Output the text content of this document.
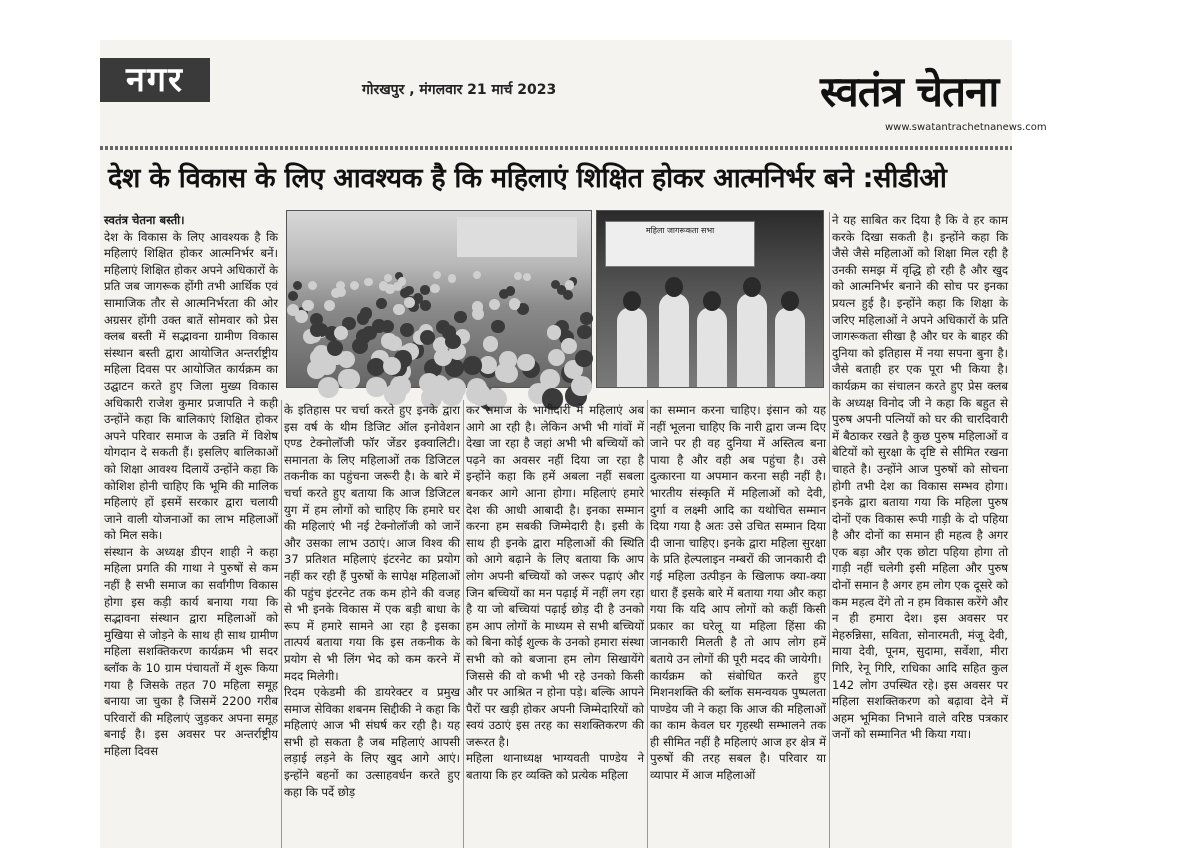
नगर	गोरखपुर , मंगलवार 21 मार्च 2023	स्वतंत्र चेतना
www.swatantrachetnanews.com
देश के विकास के लिए आवश्यक है कि महिलाएं शिक्षित होकर आत्मनिर्भर बने :सीडीओ
महिला जागरूकता सभा

स्वतंत्र चेतना बस्ती।

देश के विकास के लिए आवश्यक है कि महिलाएं शिक्षित होकर आत्मनिर्भर बनें। महिलाएं शिक्षित होकर अपने अधिकारों के प्रति जब जागरूक होंगी तभी आर्थिक एवं सामाजिक तौर से आत्मनिर्भरता की ओर अग्रसर होंगी उक्त बातें सोमवार को प्रेस क्लब बस्ती में सद्भावना ग्रामीण विकास संस्थान बस्ती द्वारा आयोजित अन्तर्राष्ट्रीय महिला दिवस पर आयोजित कार्यक्रम का उद्घाटन करते हुए जिला मुख्य विकास अधिकारी राजेश कुमार प्रजापति ने कही उन्होंने कहा कि बालिकाएं शिक्षित होकर अपने परिवार समाज के उन्नति में विशेष योगदान दे सकती हैं। इसलिए बालिकाओं को शिक्षा आवश्य दिलायें उन्होंने कहा कि कोशिश होनी चाहिए कि भूमि की मालिक महिलाएं हों इसमें सरकार द्वारा चलायी जाने वाली योजनाओं का लाभ महिलाओं को मिल सके।

संस्थान के अध्यक्ष डीएन शाही ने कहा महिला प्रगति की गाथा ने पुरुषों से कम नहीं है सभी समाज का सर्वांगीण विकास होगा इस कड़ी कार्य बनाया गया कि सद्भावना संस्थान द्वारा महिलाओं को मुखिया से जोड़ने के साथ ही साथ ग्रामीण महिला सशक्तिकरण कार्यक्रम भी सदर ब्लॉक के 10 ग्राम पंचायतों में शुरू किया गया है जिसके तहत 70 महिला समूह बनाया जा चुका है जिसमें 2200 गरीब परिवारों की महिलाएं जुड़कर अपना समूह बनाई है। इस अवसर पर अन्तर्राष्ट्रीय महिला दिवस

के इतिहास पर चर्चा करते हुए इनके द्वारा इस वर्ष के थीम डिजिट ऑल इनोवेशन एण्ड टेक्नोलॉजी फॉर जेंडर इक्वालिटी। समानता के लिए महिलाओं तक डिजिटल तकनीक का पहुंचना जरूरी है। के बारे में चर्चा करते हुए बताया कि आज डिजिटल युग में हम लोगों को चाहिए कि हमारे घर की महिलाएं भी नई टेक्नोलॉजी को जानें और उसका लाभ उठाएं। आज विश्व की 37 प्रतिशत महिलाएं इंटरनेट का प्रयोग नहीं कर रही हैं पुरुषों के सापेक्ष महिलाओं की पहुंच इंटरनेट तक कम होने की वजह से भी इनके विकास में एक बड़ी बाधा के रूप में हमारे सामने आ रहा है इसका तात्पर्य बताया गया कि इस तकनीक के प्रयोग से भी लिंग भेद को कम करने में मदद मिलेगी।

रिदम एकेडमी की डायरेक्टर व प्रमुख समाज सेविका शबनम सिद्दीकी ने कहा कि महिलाएं आज भी संघर्ष कर रही है। यह सभी हो सकता है जब महिलाएं आपसी लड़ाई लड़ने के लिए खुद आगे आएं। इन्होंने बहनों का उत्साहवर्धन करते हुए कहा कि पर्दे छोड़

कर समाज के भागीदारी में महिलाएं अब आगे आ रही है। लेकिन अभी भी गांवों में देखा जा रहा है जहां अभी भी बच्चियों को पढ़ने का अवसर नहीं दिया जा रहा है इन्होंने कहा कि हमें अबला नहीं सबला बनकर आगे आना होगा। महिलाएं हमारे देश की आधी आबादी है। इनका सम्मान करना हम सबकी जिम्मेदारी है। इसी के साथ ही इनके द्वारा महिलाओं की स्थिति को आगे बढ़ाने के लिए बताया कि आप लोग अपनी बच्चियों को जरूर पढ़ाएं और जिन बच्चियों का मन पढ़ाई में नहीं लग रहा है या जो बच्चियां पढ़ाई छोड़ दी है उनको हम आप लोगों के माध्यम से सभी बच्चियों को बिना कोई शुल्क के उनको हमारा संस्था सभी को को बजाना हम लोग सिखायेंगे जिससे की वो कभी भी रहे उनको किसी और पर आश्रित न होना पड़े। बल्कि आपने पैरों पर खड़ी होकर अपनी जिम्मेदारियों को स्वयं उठाएं इस तरह का सशक्तिकरण की जरूरत है।

महिला थानाध्यक्ष भाग्यवती पाण्डेय ने बताया कि हर व्यक्ति को प्रत्येक महिला

का सम्मान करना चाहिए। इंसान को यह नहीं भूलना चाहिए कि नारी द्वारा जन्म दिए जाने पर ही वह दुनिया में अस्तित्व बना पाया है और वही अब पहुंचा है। उसे दुत्कारना या अपमान करना सही नहीं है। भारतीय संस्कृति में महिलाओं को देवी, दुर्गा व लक्ष्मी आदि का यथोचित सम्मान दिया गया है अतः उसे उचित सम्मान दिया दी जाना चाहिए। इनके द्वारा महिला सुरक्षा के प्रति हेल्पलाइन नम्बरों की जानकारी दी गई महिला उत्पीड़न के खिलाफ क्या-क्या धारा हैं इसके बारे में बताया गया और कहा गया कि यदि आप लोगों को कहीं किसी प्रकार का घरेलू या महिला हिंसा की जानकारी मिलती है तो आप लोग हमें बताये उन लोगों की पूरी मदद की जायेगी।

कार्यक्रम को संबोधित करते हुए मिशनशक्ति की ब्लॉक समन्वयक पुष्पलता पाण्डेय जी ने कहा कि आज की महिलाओं का काम केवल घर गृहस्थी सम्भालने तक ही सीमित नहीं है महिलाएं आज हर क्षेत्र में पुरुषों की तरह सबल है। परिवार या व्यापार में आज महिलाओं

ने यह साबित कर दिया है कि वे हर काम करके दिखा सकती है। इन्होंने कहा कि जैसे जैसे महिलाओं को शिक्षा मिल रही है उनकी समझ में वृद्धि हो रही है और खुद को आत्मनिर्भर बनाने की सोच पर इनका प्रयत्न हुई है। इन्होंने कहा कि शिक्षा के जरिए महिलाओं ने अपने अधिकारों के प्रति जागरूकता सीखा है और घर के बाहर की दुनिया को इतिहास में नया सपना बुना है। जैसे बताही हर एक पूरा भी किया है। कार्यक्रम का संचालन करते हुए प्रेस क्लब के अध्यक्ष विनोद जी ने कहा कि बहुत से पुरुष अपनी पत्नियों को घर की चारदिवारी में बैठाकर रखते है कुछ पुरुष महिलाओं व बेटियों को सुरक्षा के दृष्टि से सीमित रखना चाहते है। उन्होंने आज पुरुषों को सोचना होगी तभी देश का विकास सम्भव होगा। इनके द्वारा बताया गया कि महिला पुरुष दोनों एक विकास रूपी गाड़ी के दो पहिया है और दोनों का समान ही महत्व है अगर एक बड़ा और एक छोटा पहिया होगा तो गाड़ी नहीं चलेगी इसी महिला और पुरुष दोनों समान है अगर हम लोग एक दूसरे को कम महत्व देंगे तो न हम विकास करेंगे और न ही हमारा देश। इस अवसर पर मेहरुन्निसा, सविता, सोनारमती, मंजू देवी, माया देवी, पूनम, सुदामा, सर्वेशा, मीरा गिरि, रेनू गिरि, राधिका आदि सहित कुल 142 लोग उपस्थित रहे। इस अवसर पर महिला सशक्तिकरण को बढ़ावा देने में अहम भूमिका निभाने वाले वरिष्ठ पत्रकार जनों को सम्मानित भी किया गया।
